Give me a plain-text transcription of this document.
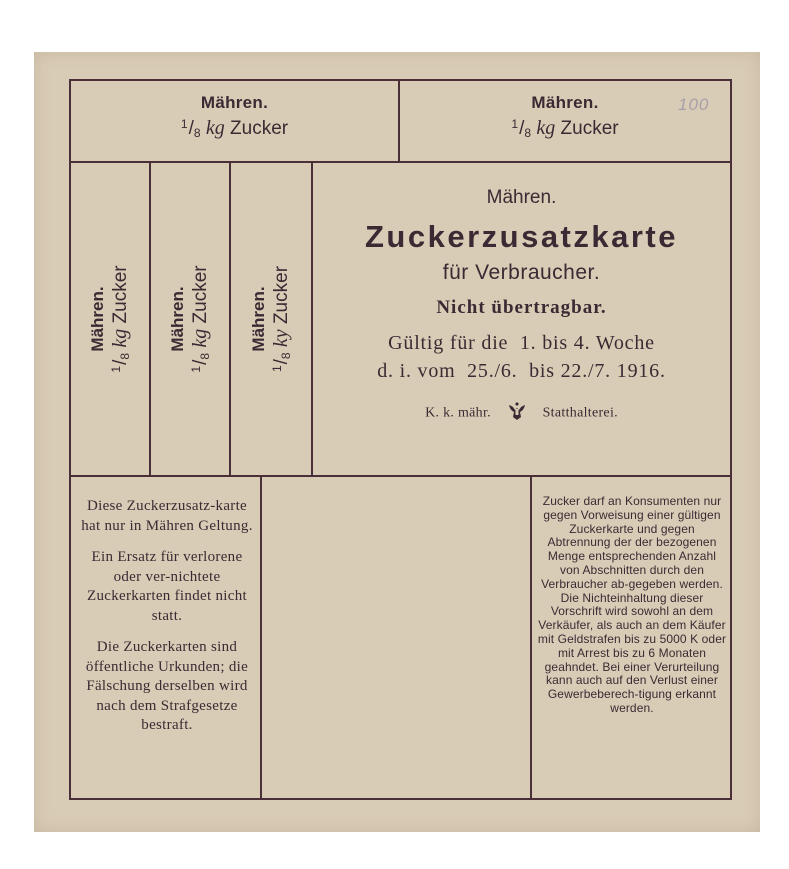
100
Mähren.
$^1$/8 kg Zucker
Mähren.
$^1$/8 kg Zucker
Mähren.
$^1$/8 kg Zucker Mähren.
$^1$/8 kg Zucker Mähren.
$^1$/8 ky Zucker
Mähren.
Zuckerzusatzkarte
für Verbraucher.
Nicht übertragbar.
Gültig für die  1. bis 4. Woche
d. i. vom  25./6.  bis 22./7. 1916.
K. k. mähr.	Statthalterei.

Diese Zuckerzusatz-karte hat nur in Mähren Geltung.

Ein Ersatz für verlorene oder ver-nichtete Zuckerkarten findet nicht statt.

Die Zuckerkarten sind öffentliche Urkunden; die Fälschung derselben wird nach dem Strafgesetze bestraft.

Zucker darf an Konsumenten nur gegen Vorweisung einer gültigen Zuckerkarte und gegen Abtrennung der der bezogenen Menge entsprechenden Anzahl von Abschnitten durch den Verbraucher ab-gegeben werden. Die Nichteinhaltung dieser Vorschrift wird sowohl an dem Verkäufer, als auch an dem Käufer mit Geldstrafen bis zu 5000 K oder mit Arrest bis zu 6 Monaten geahndet. Bei einer Verurteilung kann auch auf den Verlust einer Gewerbeberech-tigung erkannt werden.
